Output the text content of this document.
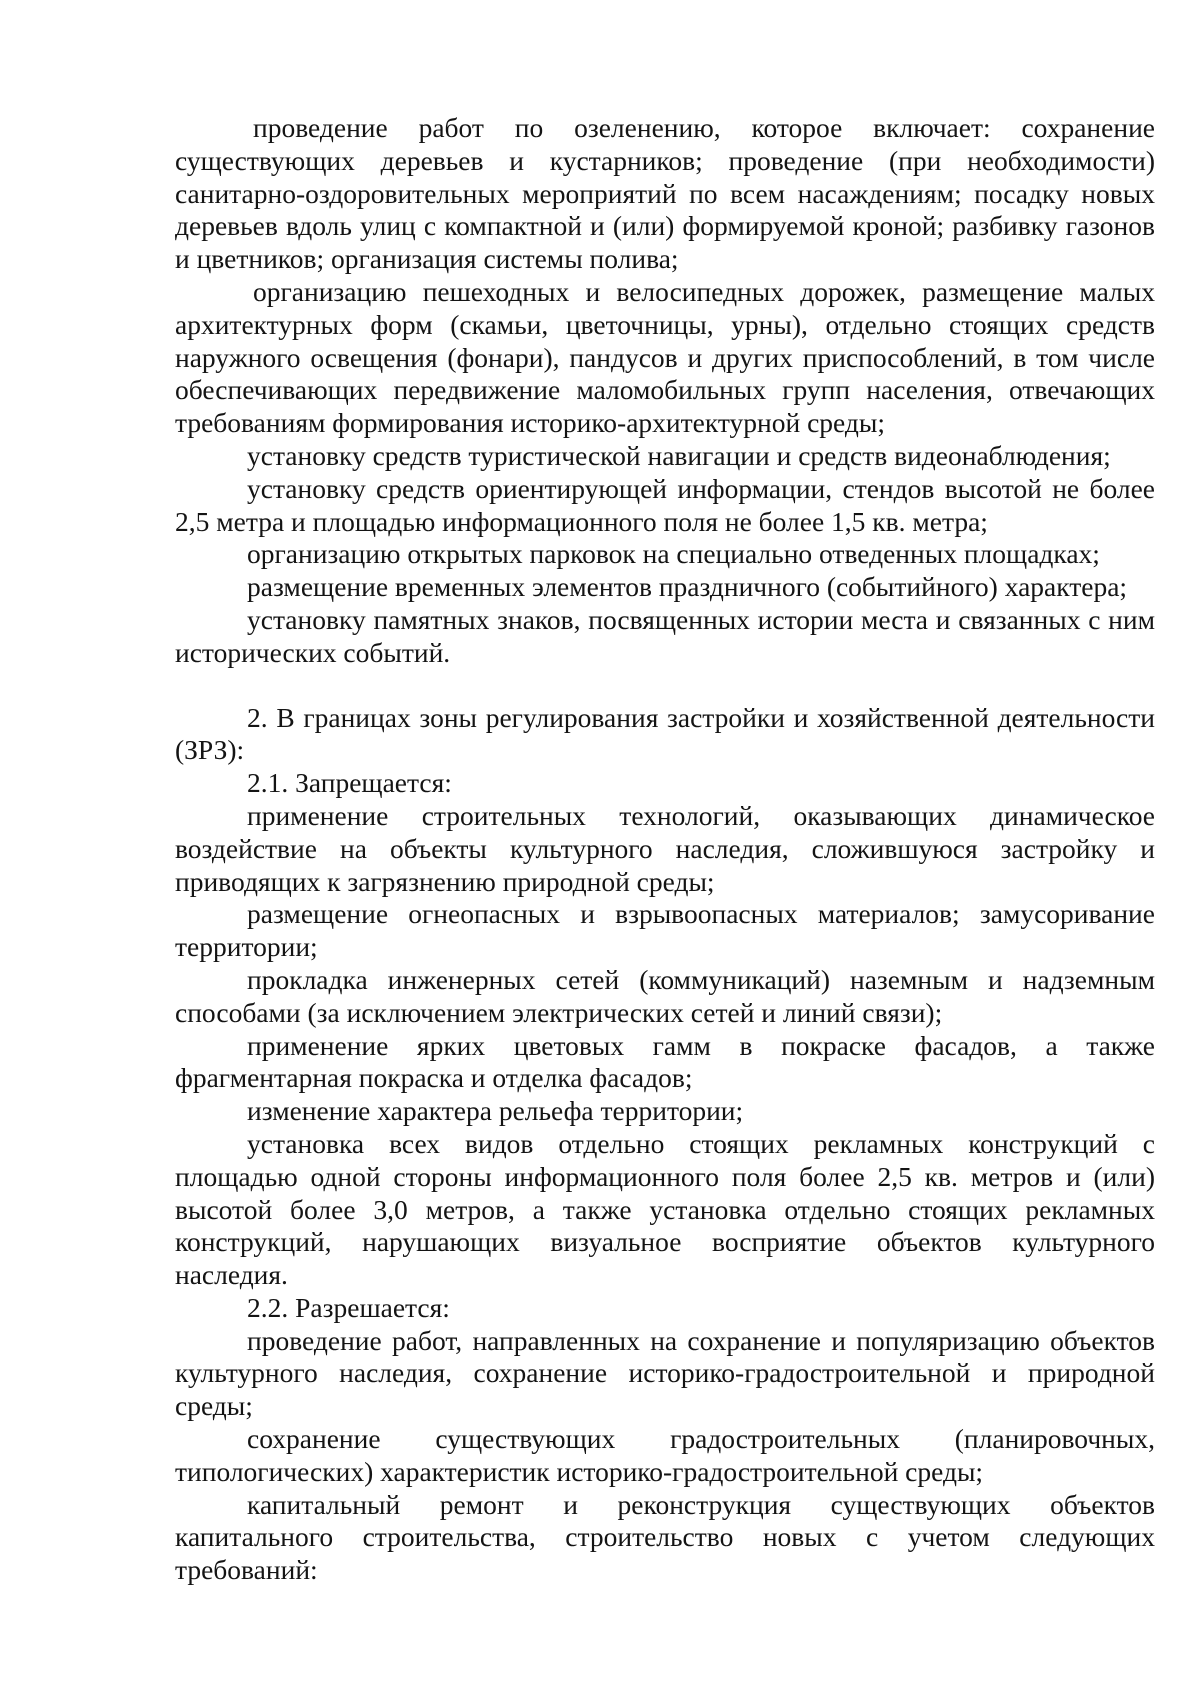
проведение работ по озеленению, которое включает: сохранение существующих деревьев и кустарников; проведение (при необходимости) санитарно-оздоровительных мероприятий по всем насаждениям; посадку новых деревьев вдоль улиц с компактной и (или) формируемой кроной; разбивку газонов и цветников; организация системы полива;

организацию пешеходных и велосипедных дорожек, размещение малых архитектурных форм (скамьи, цветочницы, урны), отдельно стоящих средств наружного освещения (фонари), пандусов и других приспособлений, в том числе обеспечивающих передвижение маломобильных групп населения, отвечающих требованиям формирования историко-архитектурной среды;

установку средств туристической навигации и средств видеонаблюдения;

установку средств ориентирующей информации, стендов высотой не более 2,5 метра и площадью информационного поля не более 1,5 кв. метра;

организацию открытых парковок на специально отведенных площадках;

размещение временных элементов праздничного (событийного) характера;

установку памятных знаков, посвященных истории места и связанных с ним исторических событий.

2. В границах зоны регулирования застройки и хозяйственной деятельности (ЗРЗ):

2.1. Запрещается:

применение строительных технологий, оказывающих динамическое воздействие на объекты культурного наследия, сложившуюся застройку и приводящих к загрязнению природной среды;

размещение огнеопасных и взрывоопасных материалов; замусоривание территории;

прокладка инженерных сетей (коммуникаций) наземным и надземным способами (за исключением электрических сетей и линий связи);

применение ярких цветовых гамм в покраске фасадов, а также фрагментарная покраска и отделка фасадов;

изменение характера рельефа территории;

установка всех видов отдельно стоящих рекламных конструкций с площадью одной стороны информационного поля более 2,5 кв. метров и (или) высотой более 3,0 метров, а также установка отдельно стоящих рекламных конструкций, нарушающих визуальное восприятие объектов культурного наследия.

2.2. Разрешается:

проведение работ, направленных на сохранение и популяризацию объектов культурного наследия, сохранение историко-градостроительной и природной среды;

сохранение существующих градостроительных (планировочных, типологических) характеристик историко-градостроительной среды;

капитальный ремонт и реконструкция существующих объектов капитального строительства, строительство новых с учетом следующих требований:
